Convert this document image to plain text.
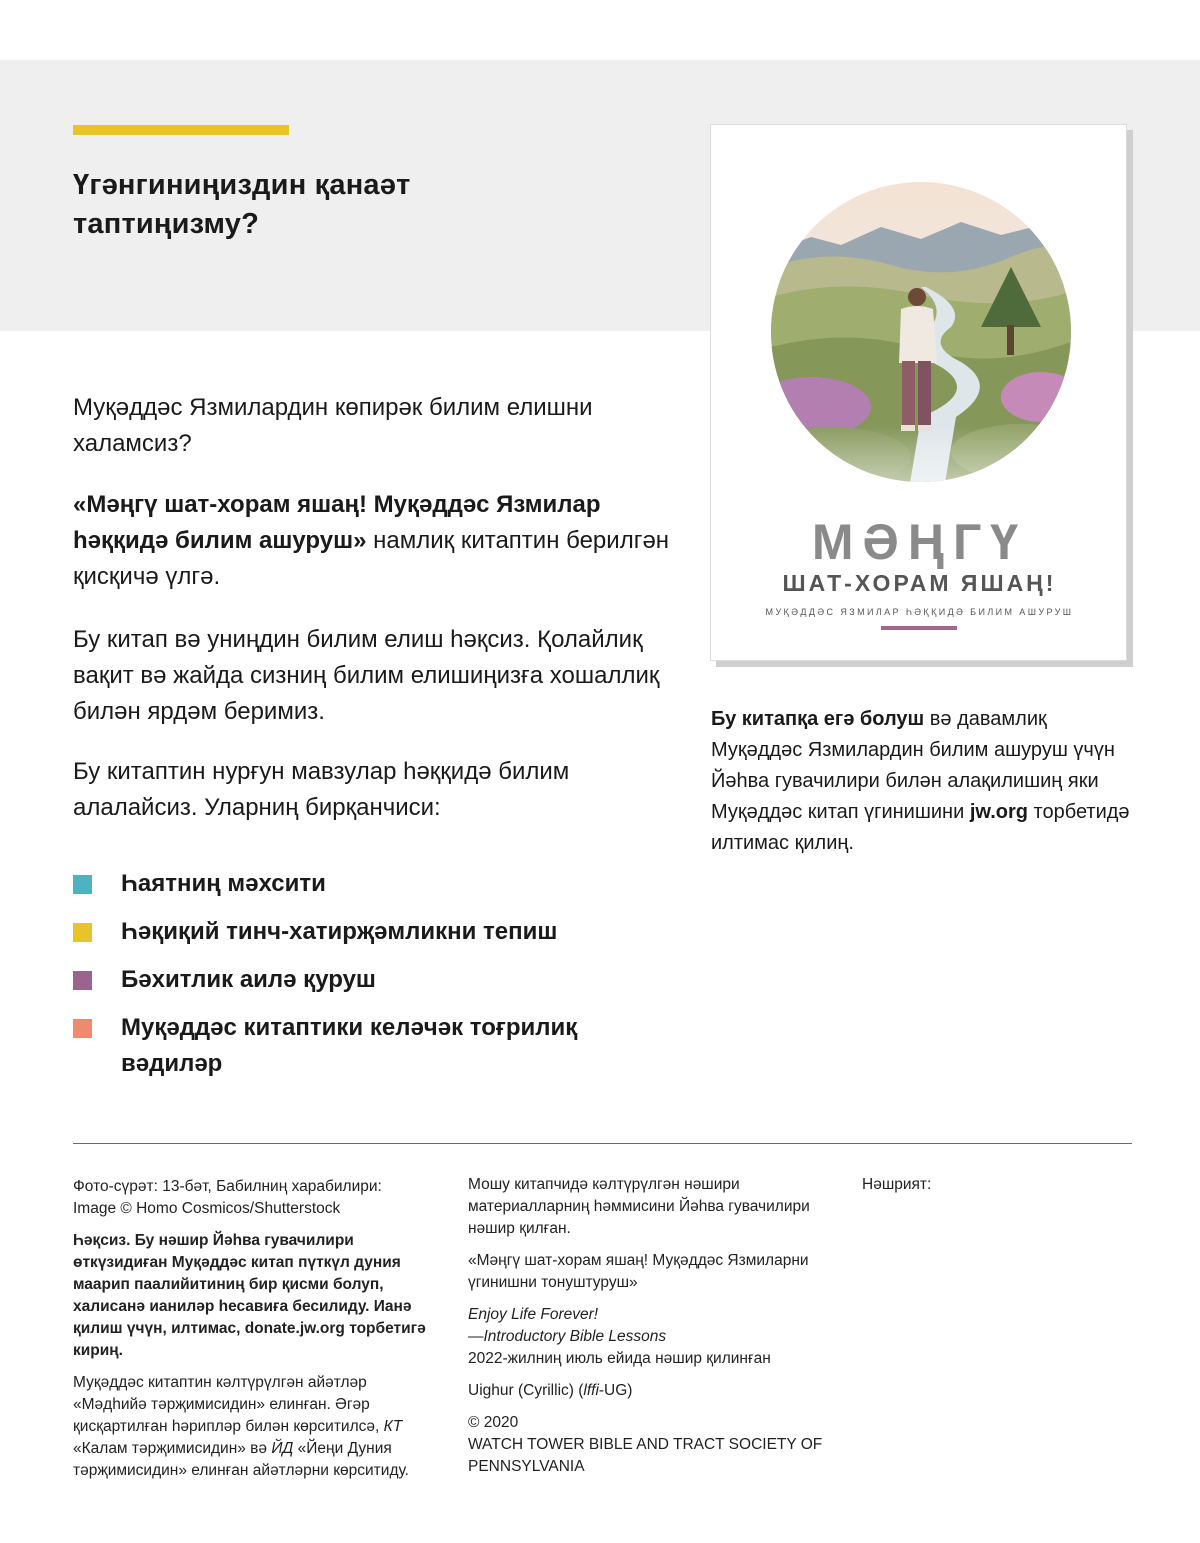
Үгәнгиниңиздин қанаәт
таптиңизму?

Муқәддәс Язмилардин көпирәк билим елишни халамсиз?

«Мәңгү шат-хорам яшаң! Муқәддәс Язмилар һәққидә билим ашуруш» намлиқ китаптин берилгән қисқичә үлгә.

Бу китап вә униңдин билим елиш һәқсиз. Қолайлиқ вақит вә жайда сизниң билим елишиңизға хошаллиқ билән ярдәм беримиз.

Бу китаптин нурғун мавзулар һәққидә билим алалайсиз. Уларниң бирқанчиси:

Һаятниң мәхсити
Һәқиқий тинч-хатирҗәмликни тепиш
Бәхитлик аилә қуруш
Муқәддәс китаптики келәчәк тоғрилиқ вәдиләр
МӘҢГҮ
ШАТ-ХОРАМ ЯШАҢ!
МУҚӘДДӘС ЯЗМИЛАР ҺӘҚҚИДӘ БИЛИМ АШУРУШ

Бу китапқа егә болуш вә давамлиқ Муқәддәс Язмилардин билим ашуруш үчүн Йәһва гувачилири билән алақилишиң яки Муқәддәс китап үгинишини jw.org торбетидә илтимас қилиң.

Фото-сүрәт: 13-бәт, Бабилниң харабилири: Image © Homo Cosmicos/Shutterstock

Һәқсиз. Бу нәшир Йәһва гувачилири өткүзидиған Муқәддәс китап пүткүл дуния маарип паалийитиниң бир қисми болуп, халисанә ианиләр һесавиға бесилиду. Ианә қилиш үчүн, илтимас, donate.jw.org торбетигә кириң.

Муқәддәс китаптин кәлтүрүлгән айәтләр «Мәдһийә тәрҗимисидин» елинған. Әгәр қисқартилған һәрипләр билән көрситилсә, КТ «Калам тәрҗимисидин» вә ЙД «Йеңи Дуния тәрҗимисидин» елинған айәтләрни көрситиду.

Мошу китапчидә кәлтүрүлгән нәшири материалларниң һәммисини Йәһва гувачилири нәшир қилған.

«Мәңгү шат-хорам яшаң! Муқәддәс Язмиларни үгинишни тонуштуруш»

Enjoy Life Forever!

—Introductory Bible Lessons

2022-жилниң июль ейида нәшир қилинған

Uighur (Cyrillic) (lffi-UG)

© 2020

WATCH TOWER BIBLE AND TRACT SOCIETY OF

PENNSYLVANIA

Нәшрият:
